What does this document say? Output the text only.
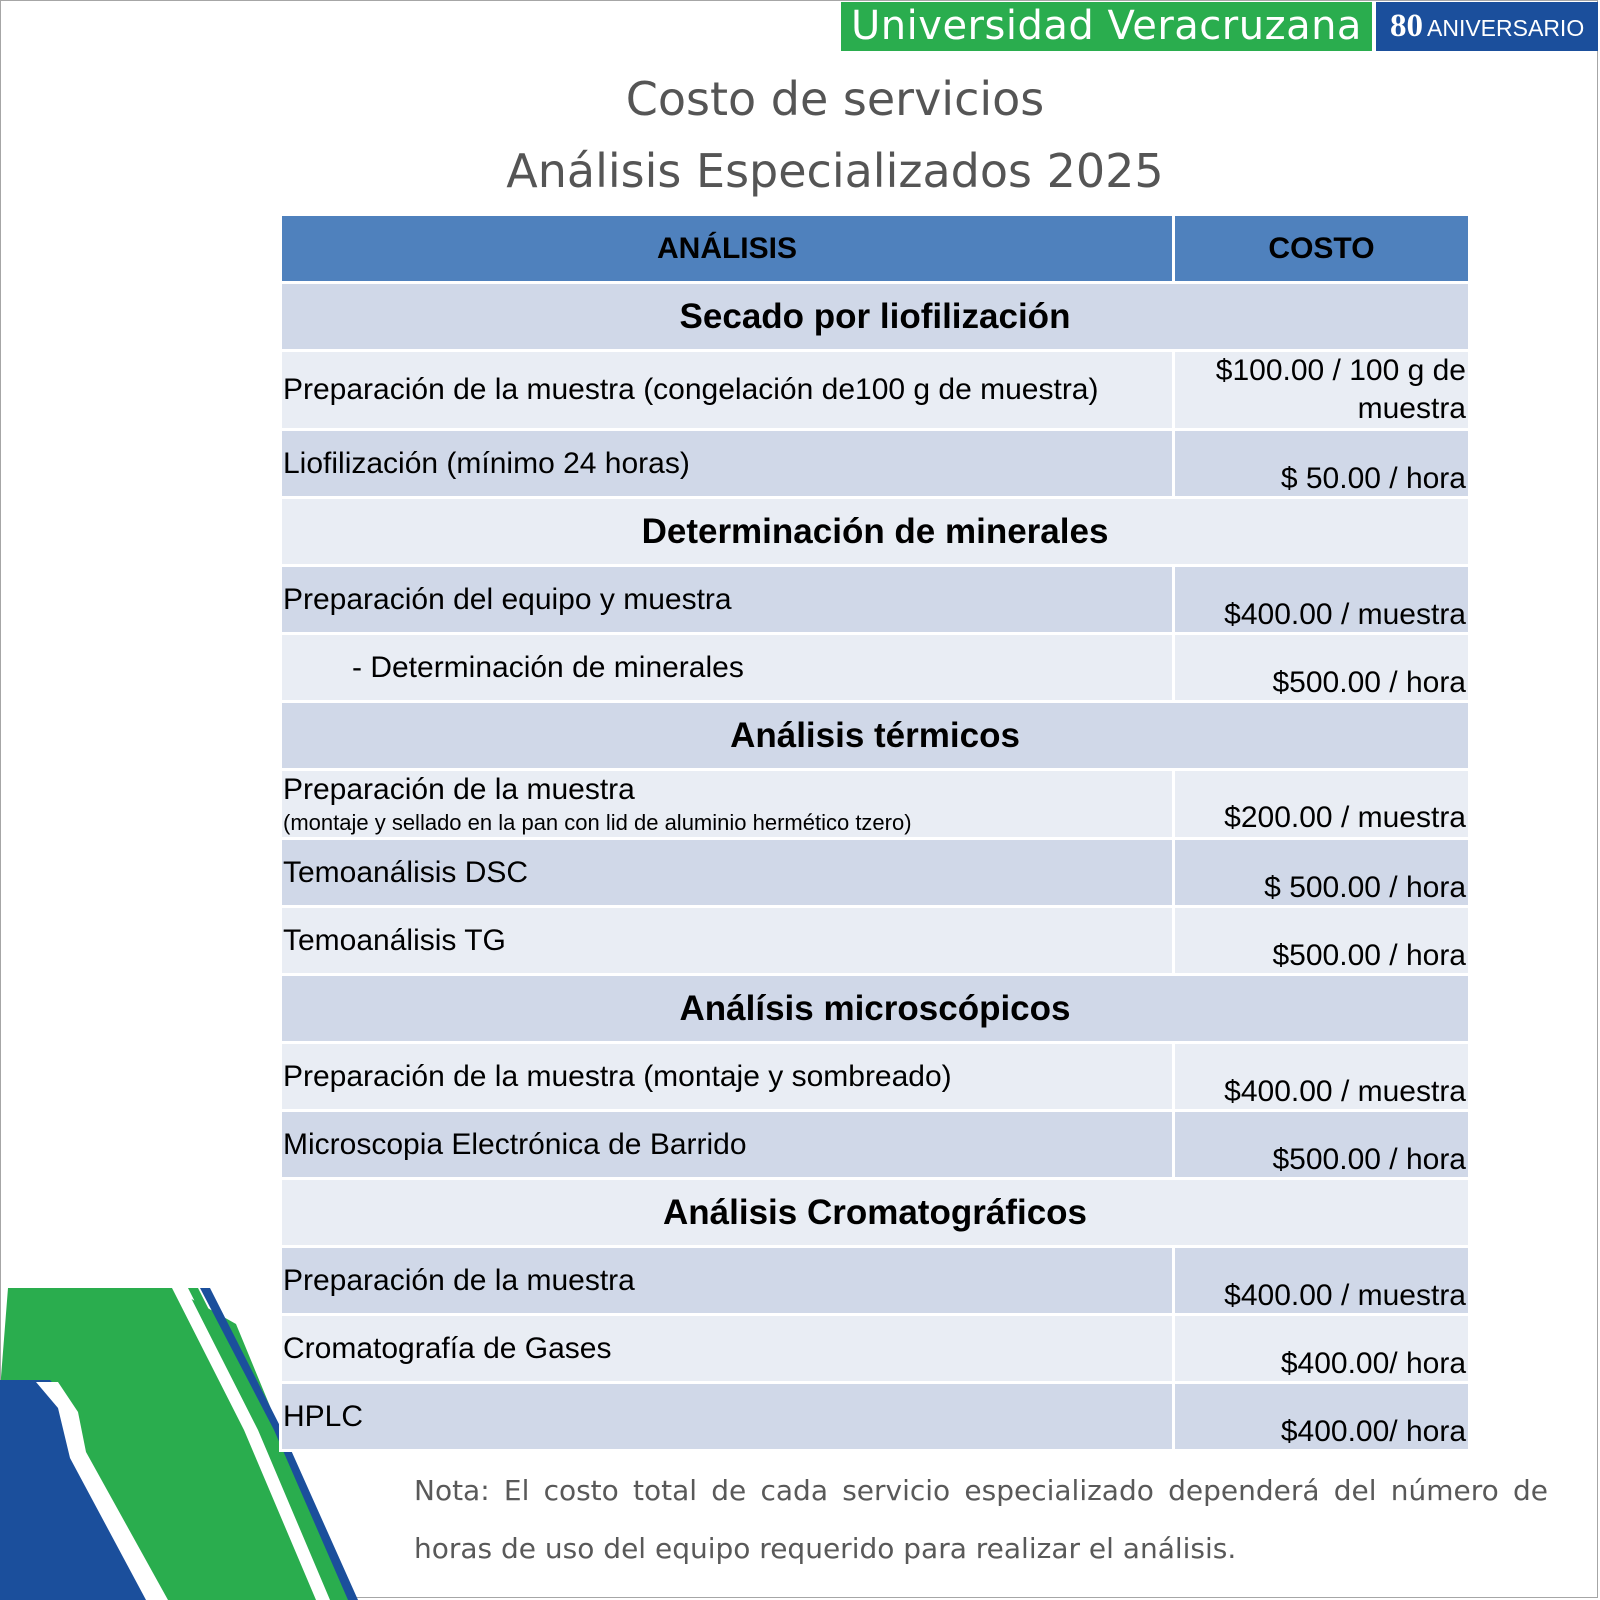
Universidad Veracruzana 80 ANIVERSARIO
Costo de servicios
Análisis Especializados 2025
ANÁLISIS	COSTO
Secado por liofilización	
Preparación de la muestra (congelación de100 g de muestra)	$100.00 / 100 g de muestra
Liofilización (mínimo 24 horas)	$ 50.00 / hora
Determinación de minerales	
Preparación del equipo y muestra	$400.00 / muestra
- Determinación de minerales	$500.00 / hora
Análisis térmicos	
Preparación de la muestra
(montaje y sellado en la pan con lid de aluminio hermético tzero)	$200.00 / muestra
Temoanálisis DSC	$ 500.00 / hora
Temoanálisis TG	$500.00 / hora
Análísis microscópicos	
Preparación de la muestra (montaje y sombreado)	$400.00 / muestra
Microscopia Electrónica de Barrido	$500.00 / hora
Análisis Cromatográficos	
Preparación de la muestra	$400.00 / muestra
Cromatografía de Gases	$400.00/ hora
HPLC	$400.00/ hora
Nota: El costo total de cada servicio especializado dependerá del número de horas de uso del equipo requerido para realizar el análisis.
